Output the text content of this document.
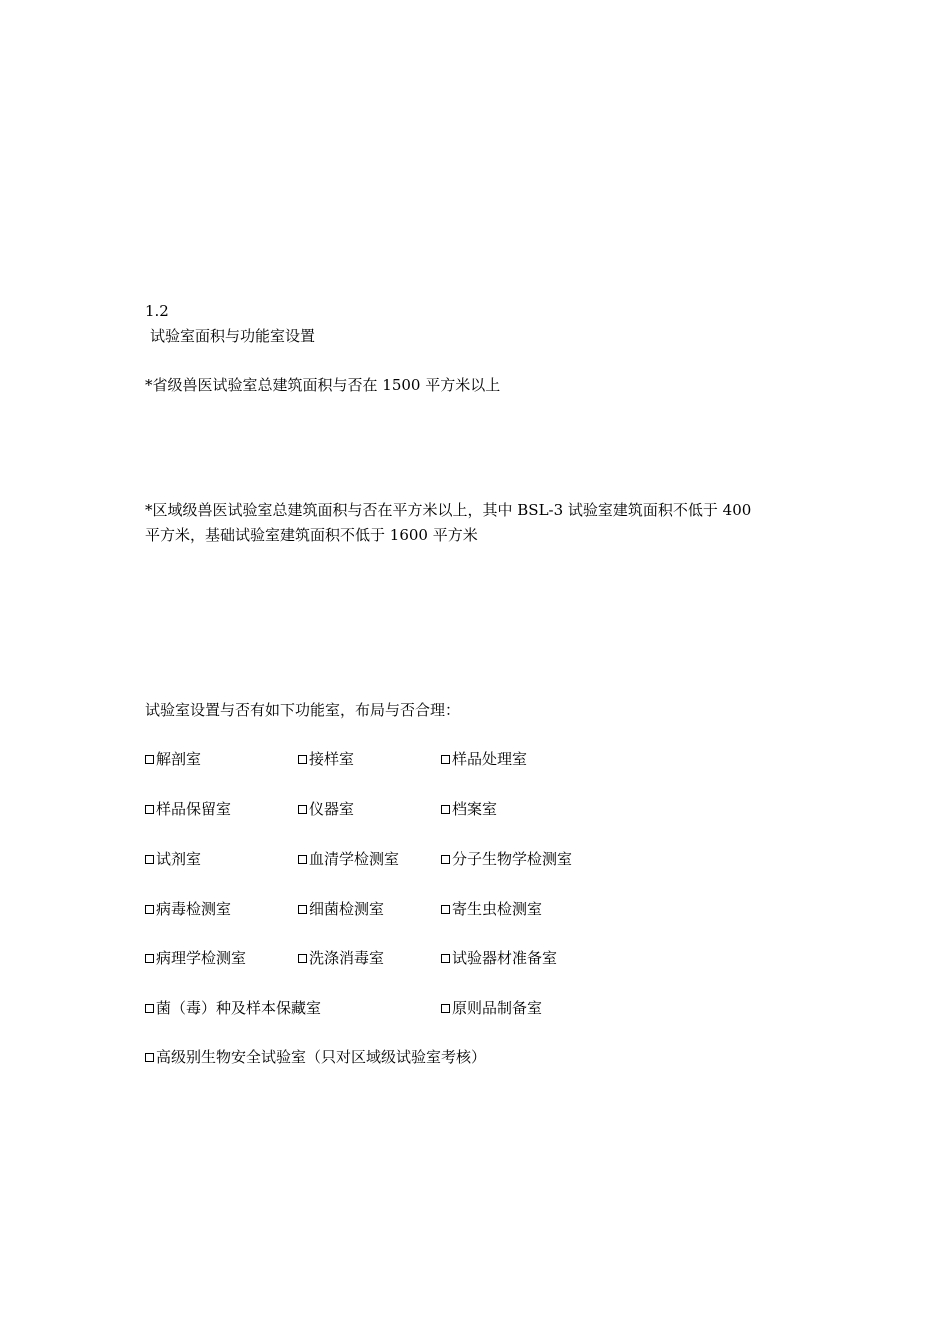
1.2
试验室面积与功能室设置
*省级兽医试验室总建筑面积与否在 1500 平方米以上
*区域级兽医试验室总建筑面积与否在平方米以上，其中 BSL-3 试验室建筑面积不低于 400
平方米，基础试验室建筑面积不低于 1600 平方米
试验室设置与否有如下功能室，布局与否合理：
解剖室	接样室	样品处理室
样品保留室	仪器室	档案室
试剂室	血清学检测室	分子生物学检测室
病毒检测室	细菌检测室	寄生虫检测室
病理学检测室	洗涤消毒室	试验器材准备室
菌（毒）种及样本保藏室	原则品制备室
高级别生物安全试验室（只对区域级试验室考核）
